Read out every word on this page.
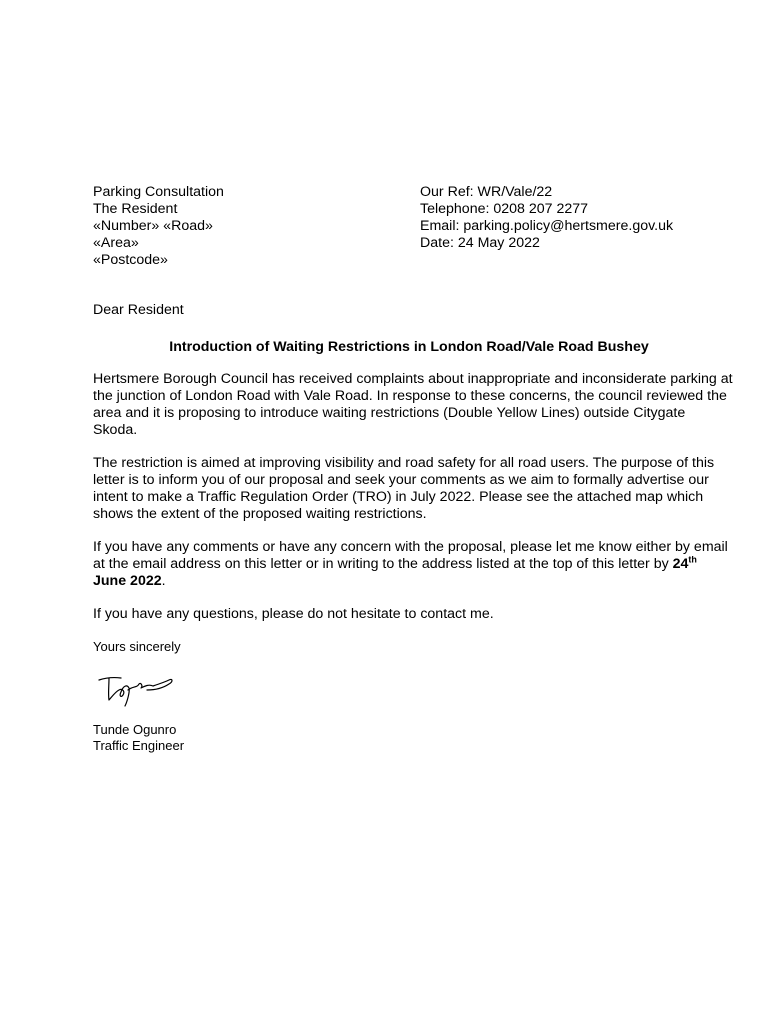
Parking Consultation
The Resident
«Number» «Road»
«Area»
«Postcode»
Our Ref: WR/Vale/22
Telephone: 0208 207 2277
Email: parking.policy@hertsmere.gov.uk
Date: 24 May 2022
Dear Resident
Introduction of Waiting Restrictions in London Road/Vale Road Bushey

Hertsmere Borough Council has received complaints about inappropriate and inconsiderate parking at the junction of London Road with Vale Road. In response to these concerns, the council reviewed the area and it is proposing to introduce waiting restrictions (Double Yellow Lines) outside Citygate Skoda.

The restriction is aimed at improving visibility and road safety for all road users. The purpose of this letter is to inform you of our proposal and seek your comments as we aim to formally advertise our intent to make a Traffic Regulation Order (TRO) in July 2022. Please see the attached map which shows the extent of the proposed waiting restrictions.

If you have any comments or have any concern with the proposal, please let me know either by email at the email address on this letter or in writing to the address listed at the top of this letter by 24th June 2022.

If you have any questions, please do not hesitate to contact me.

Yours sincerely
Tunde Ogunro
Traffic Engineer
